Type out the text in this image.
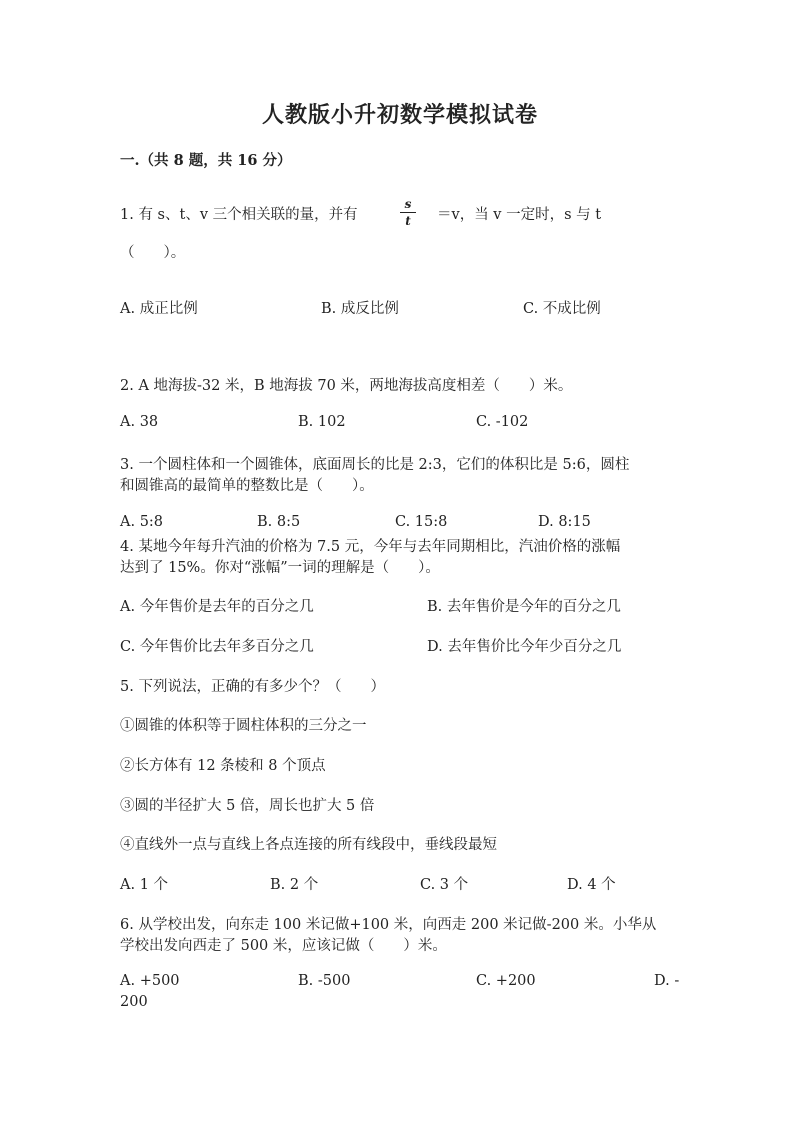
人教版小升初数学模拟试卷
一.（共 8 题，共 16 分）
1. 有 s、t、v 三个相关联的量，并有
s
t	＝v，当 v 一定时，s 与 t
（　　）。
A. 成正比例	B. 成反比例	C. 不成比例
2. A 地海拔-32 米，B 地海拔 70 米，两地海拔高度相差（　　）米。
A. 38	B. 102	C. -102
3. 一个圆柱体和一个圆锥体，底面周长的比是 2:3，它们的体积比是 5:6，圆柱
和圆锥高的最简单的整数比是（　　）。
A. 5:8	B. 8:5	C. 15:8	D. 8:15
4. 某地今年每升汽油的价格为 7.5 元，今年与去年同期相比，汽油价格的涨幅
达到了 15%。你对“涨幅”一词的理解是（　　）。
A. 今年售价是去年的百分之几	B. 去年售价是今年的百分之几
C. 今年售价比去年多百分之几	D. 去年售价比今年少百分之几
5. 下列说法，正确的有多少个？（　　）
①圆锥的体积等于圆柱体积的三分之一
②长方体有 12 条棱和 8 个顶点
③圆的半径扩大 5 倍，周长也扩大 5 倍
④直线外一点与直线上各点连接的所有线段中，垂线段最短
A. 1 个	B. 2 个	C. 3 个	D. 4 个
6. 从学校出发，向东走 100 米记做+100 米，向西走 200 米记做-200 米。小华从
学校出发向西走了 500 米，应该记做（　　）米。
A. +500	B. -500	C. +200	D. -
200
